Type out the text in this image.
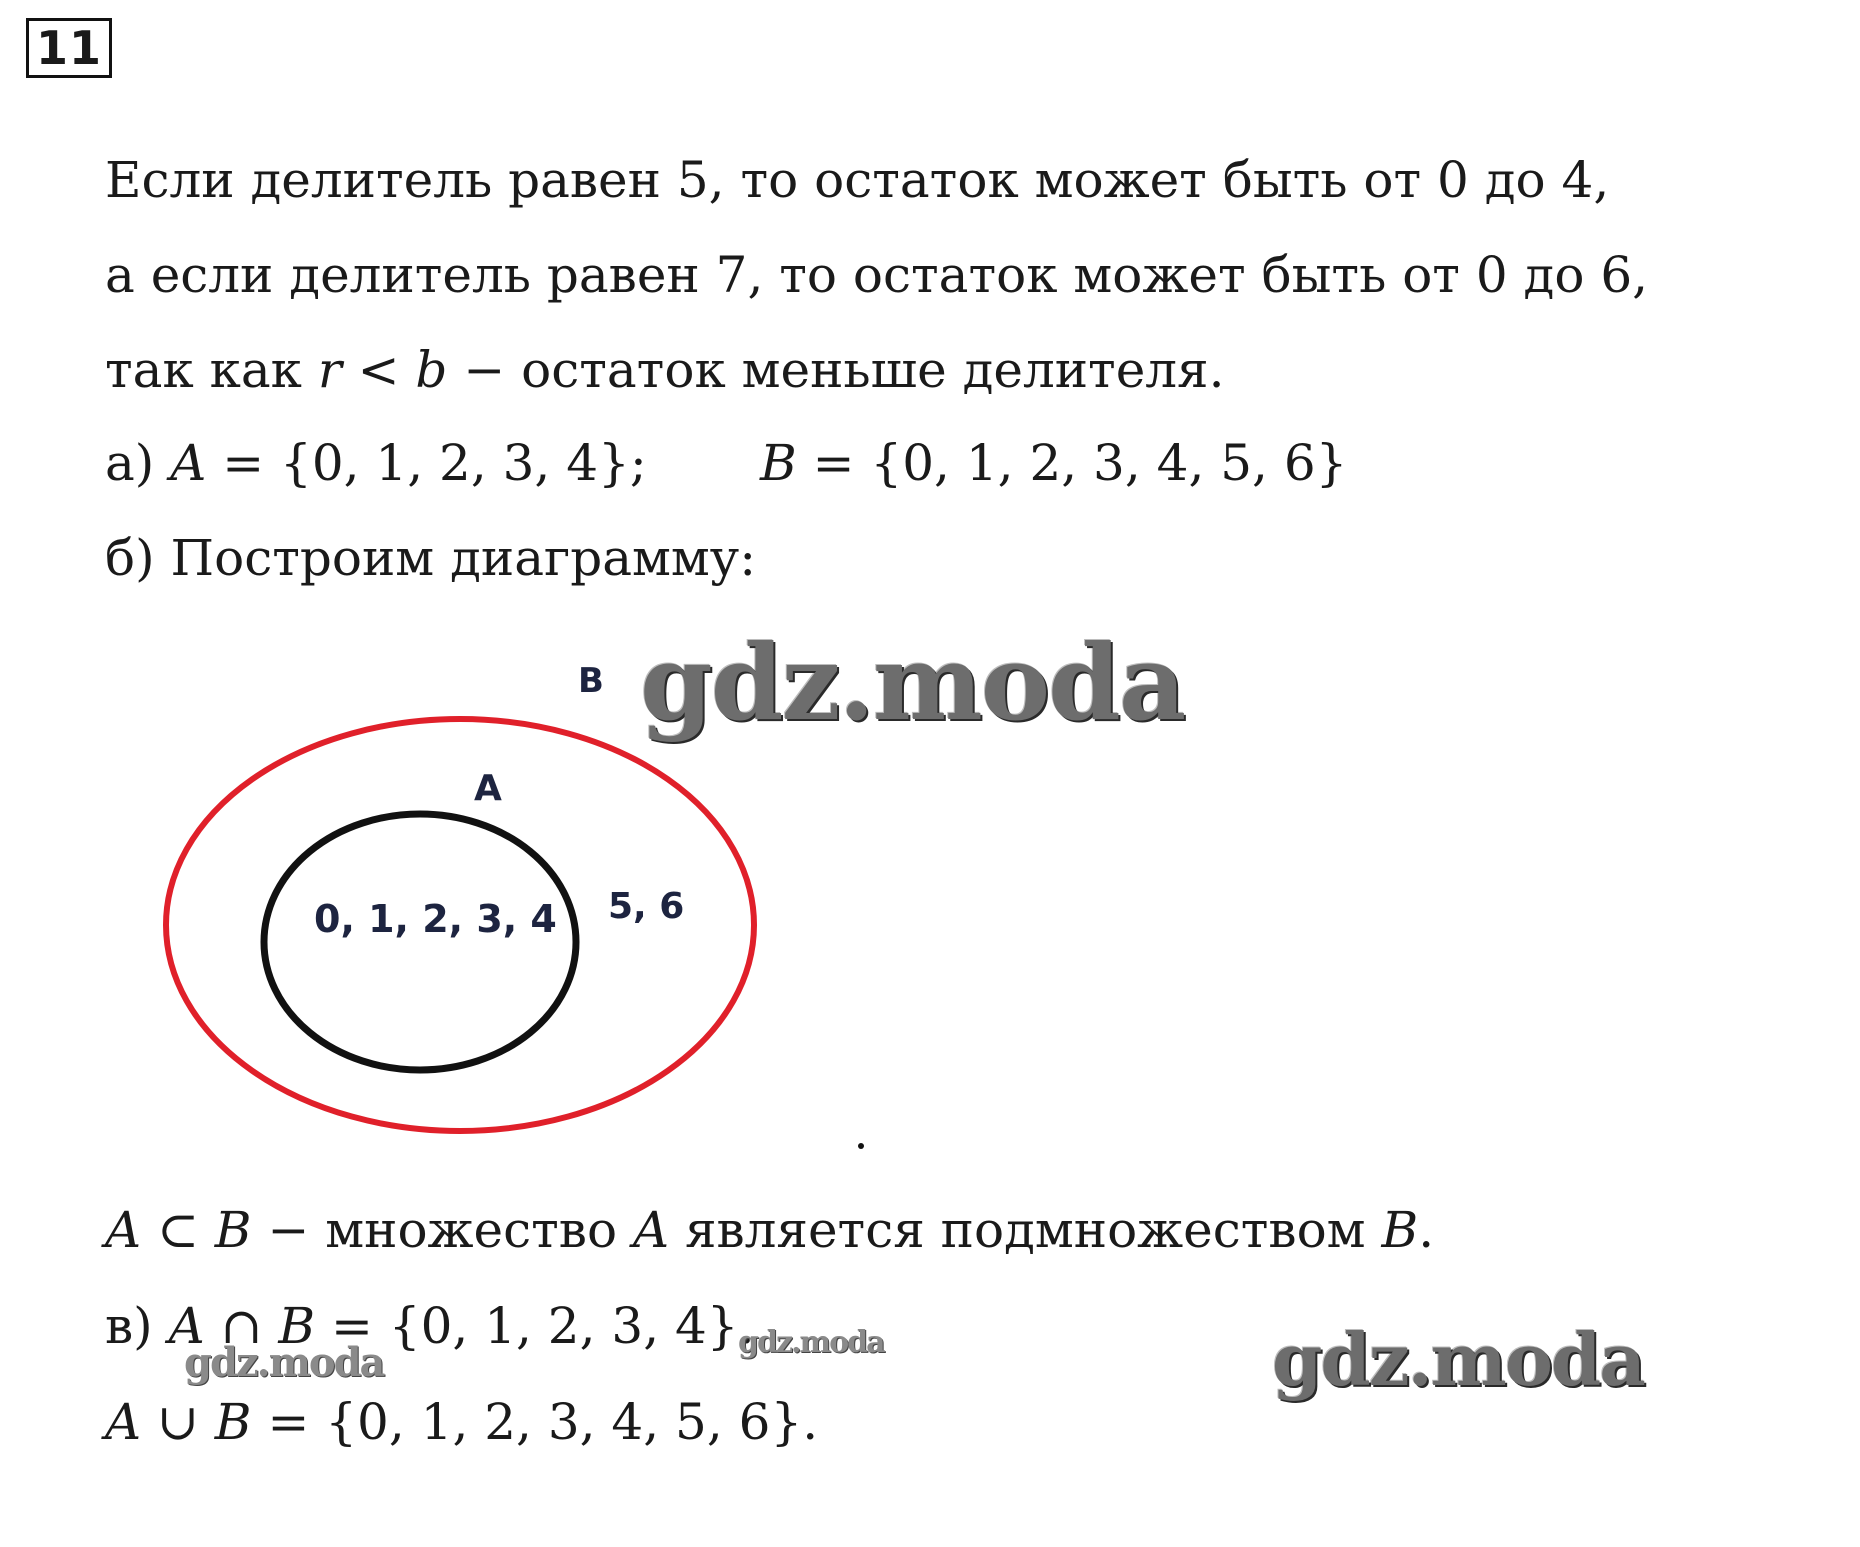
11
Если делитель равен 5, то остаток может быть от 0 до 4,
а если делитель равен 7, то остаток может быть от 0 до 6,
так как r < b − остаток меньше делителя.
а) A = {0, 1, 2, 3, 4}; B = {0, 1, 2, 3, 4, 5, 6}
б) Построим диаграмму:
B
A
0, 1, 2, 3, 4 5, 6
gdz.moda
A ⊂ B − множество A является подмножеством B.
в) A ∩ B = {0, 1, 2, 3, 4}.
A ∪ B = {0, 1, 2, 3, 4, 5, 6}.
gdz.moda	gdz.moda	gdz.moda
